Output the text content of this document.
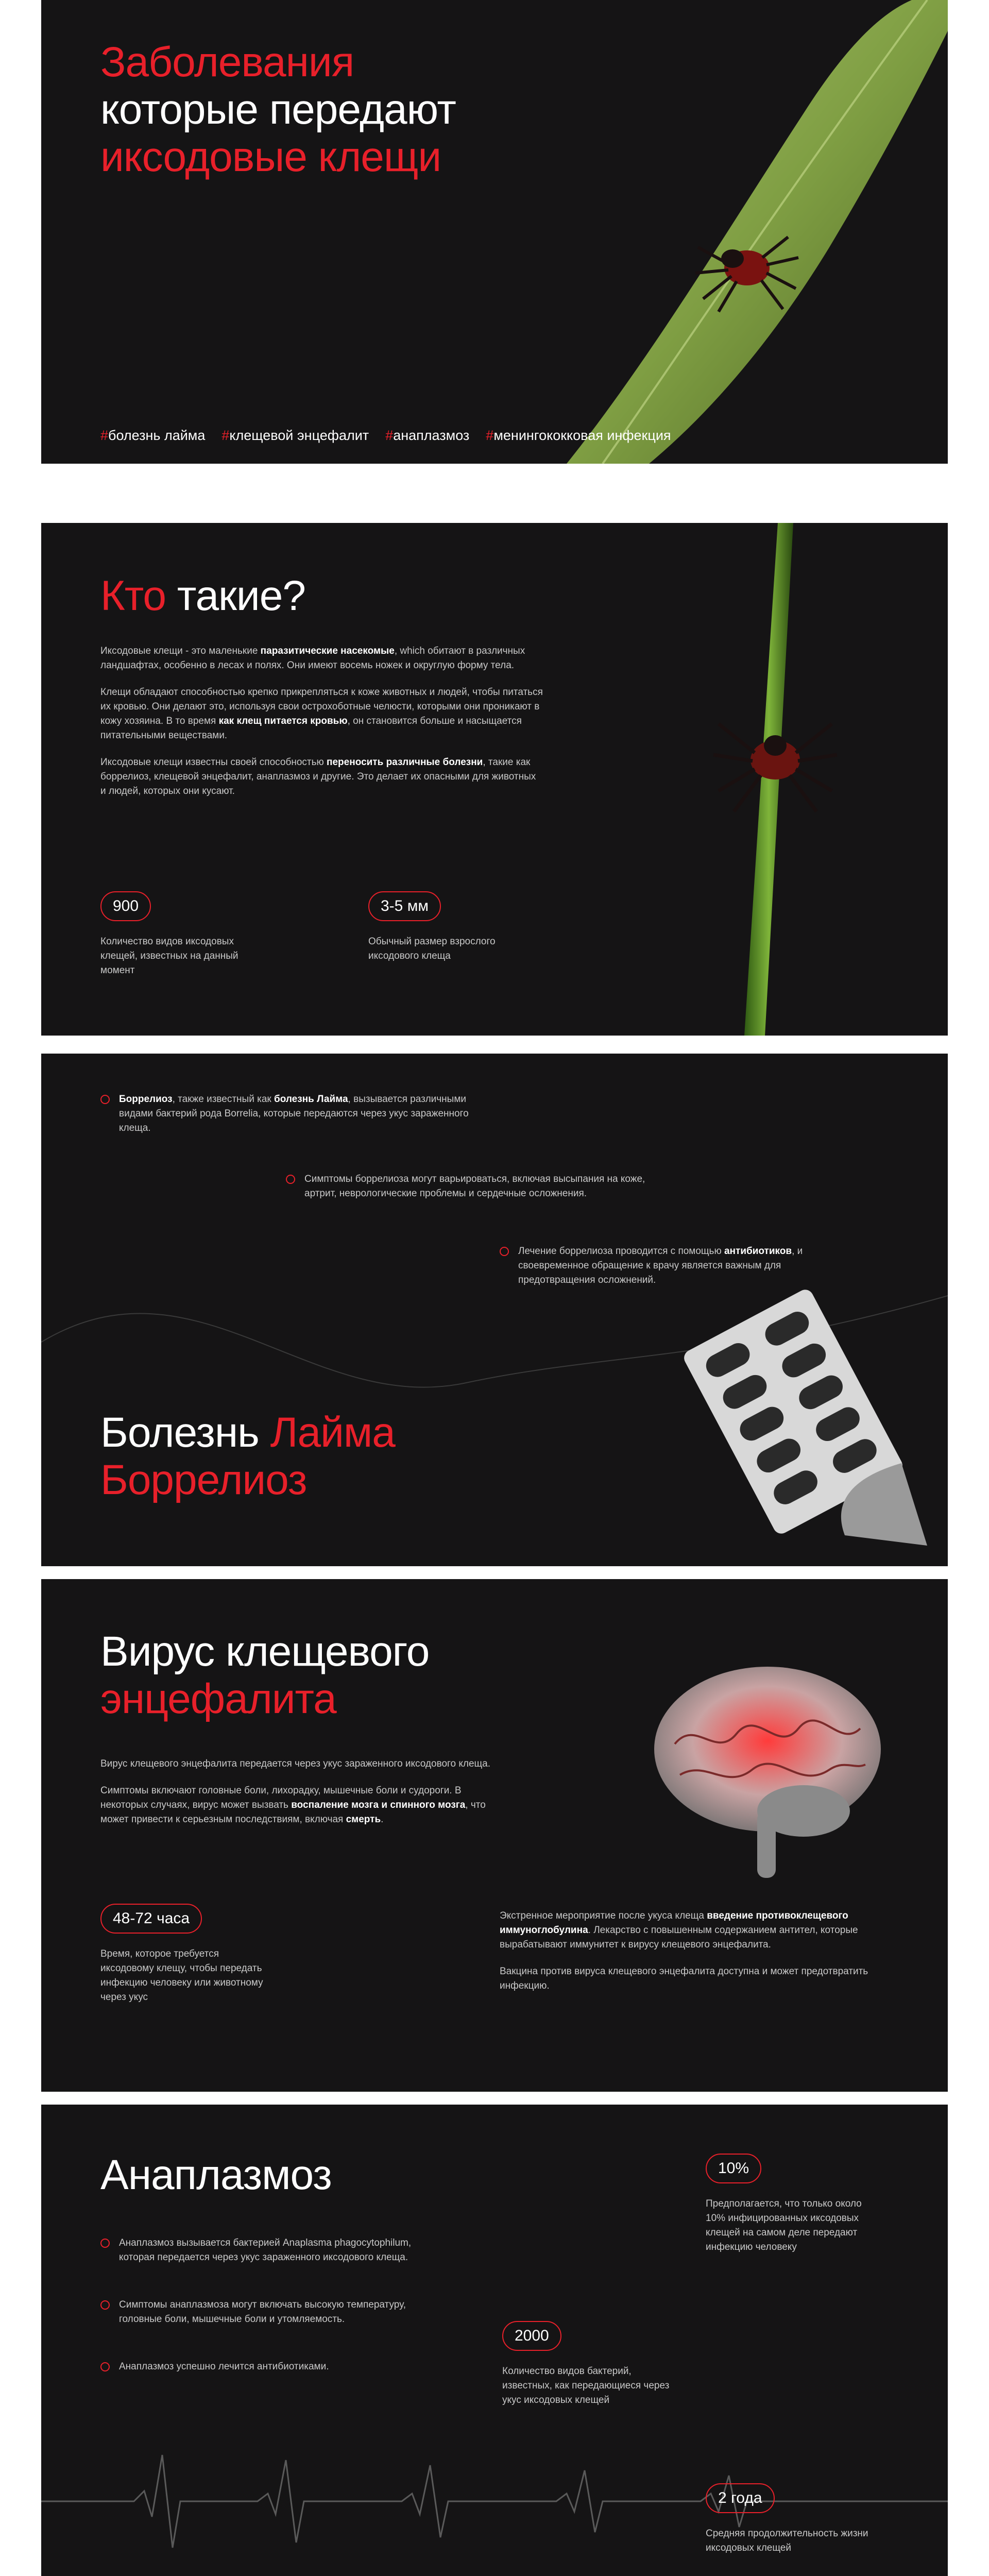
Заболевания
которые передают
иксодовые клещи
#болезнь лайма #клещевой энцефалит #анаплазмоз #менингококковая инфекция
Кто такие?

Иксодовые клещи - это маленькие паразитические насекомые, which обитают в различных ландшафтах, особенно в лесах и полях. Они имеют восемь ножек и округлую форму тела.

Клещи обладают способностью крепко прикрепляться к коже животных и людей, чтобы питаться их кровью. Они делают это, используя свои острохоботные челюсти, которыми они проникают в кожу хозяина. В то время как клещ питается кровью, он становится больше и насыщается питательными веществами.

Иксодовые клещи известны своей способностью переносить различные болезни, такие как боррелиоз, клещевой энцефалит, анаплазмоз и другие. Это делает их опасными для животных и людей, которых они кусают.

900

Количество видов иксодовых клещей, известных на данный момент

3-5 мм

Обычный размер взрослого иксодового клеща

Боррелиоз, также известный как болезнь Лайма, вызывается различными видами бактерий рода Borrelia, которые передаются через укус зараженного клеща.

Симптомы боррелиоза могут варьироваться, включая высыпания на коже, артрит, неврологические проблемы и сердечные осложнения.

Лечение боррелиоза проводится с помощью антибиотиков, и своевременное обращение к врачу является важным для предотвращения осложнений.

Болезнь Лайма
Боррелиоз
Вирус клещевого
энцефалита

Вирус клещевого энцефалита передается через укус зараженного иксодового клеща.

Симптомы включают головные боли, лихорадку, мышечные боли и судороги. В некоторых случаях, вирус может вызвать воспаление мозга и спинного мозга, что может привести к серьезным последствиям, включая смерть.

48-72 часа

Время, которое требуется иксодовому клещу, чтобы передать инфекцию человеку или животному через укус

Экстренное мероприятие после укуса клеща введение противоклещевого иммуноглобулина. Лекарство с повышенным содержанием антител, которые вырабатывают иммунитет к вирусу клещевого энцефалита.

Вакцина против вируса клещевого энцефалита доступна и может предотвратить инфекцию.

Анаплазмоз

Анаплазмоз вызывается бактерией Anaplasma phagocytophilum, которая передается через укус зараженного иксодового клеща.

Симптомы анаплазмоза могут включать высокую температуру, головные боли, мышечные боли и утомляемость.

Анаплазмоз успешно лечится антибиотиками.

10%

Предполагается, что только около 10% инфицированных иксодовых клещей на самом деле передают инфекцию человеку

2000

Количество видов бактерий, известных, как передающиеся через укус иксодовых клещей

2 года

Средняя продолжительность жизни иксодовых клещей
